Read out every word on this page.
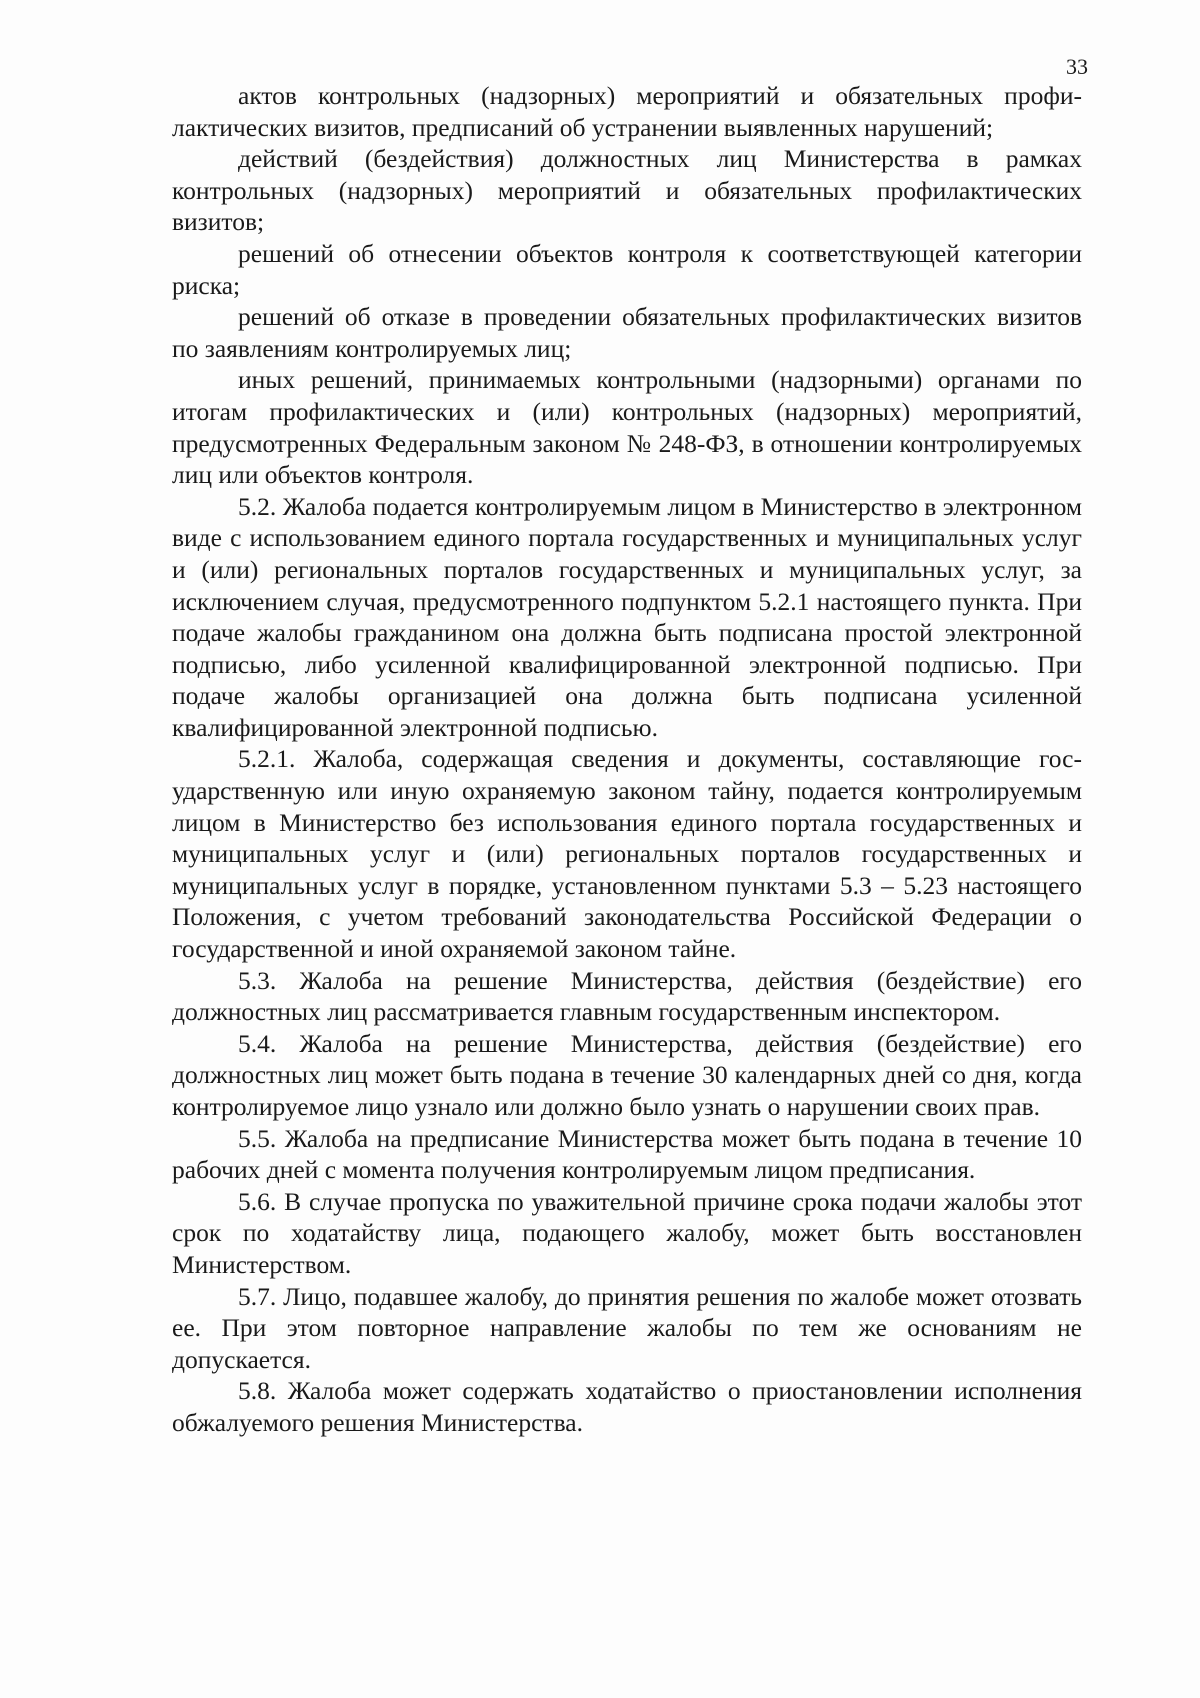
33

актов контрольных (надзорных) мероприятий и обязательных профилактических визитов, предписаний об устранении выявленных нарушений;

действий (бездействия) должностных лиц Министерства в рамках контрольных (надзорных) мероприятий и обязательных профилактических визитов;

решений об отнесении объектов контроля к соответствующей категории риска;

решений об отказе в проведении обязательных профилактических визитов по заявлениям контролируемых лиц;

иных решений, принимаемых контрольными (надзорными) органами по итогам профилактических и (или) контрольных (надзорных) мероприятий, предусмотренных Федеральным законом № 248-ФЗ, в отношении контролируемых лиц или объектов контроля.

5.2. Жалоба подается контролируемым лицом в Министерство в электронном виде с использованием единого портала государственных и муниципальных услуг и (или) региональных порталов государственных и муниципальных услуг, за исключением случая, предусмотренного подпунктом 5.2.1 настоящего пункта. При подаче жалобы гражданином она должна быть подписана простой электронной подписью, либо усиленной квалифицированной электронной подписью. При подаче жалобы организацией она должна быть подписана усиленной квалифицированной электронной подписью.

5.2.1. Жалоба, содержащая сведения и документы, составляющие государственную или иную охраняемую законом тайну, подается контролируемым лицом в Министерство без использования единого портала государственных и муниципальных услуг и (или) региональных порталов государственных и муниципальных услуг в порядке, установленном пунктами 5.3 – 5.23 настоящего Положения, с учетом требований законодательства Российской Федерации о государственной и иной охраняемой законом тайне.

5.3. Жалоба на решение Министерства, действия (бездействие) его должностных лиц рассматривается главным государственным инспектором.

5.4. Жалоба на решение Министерства, действия (бездействие) его должностных лиц может быть подана в течение 30 календарных дней со дня, когда контролируемое лицо узнало или должно было узнать о нарушении своих прав.

5.5. Жалоба на предписание Министерства может быть подана в течение 10 рабочих дней с момента получения контролируемым лицом предписания.

5.6. В случае пропуска по уважительной причине срока подачи жалобы этот срок по ходатайству лица, подающего жалобу, может быть восстановлен Министерством.

5.7. Лицо, подавшее жалобу, до принятия решения по жалобе может отозвать ее. При этом повторное направление жалобы по тем же основаниям не допускается.

5.8. Жалоба может содержать ходатайство о приостановлении исполнения обжалуемого решения Министерства.
